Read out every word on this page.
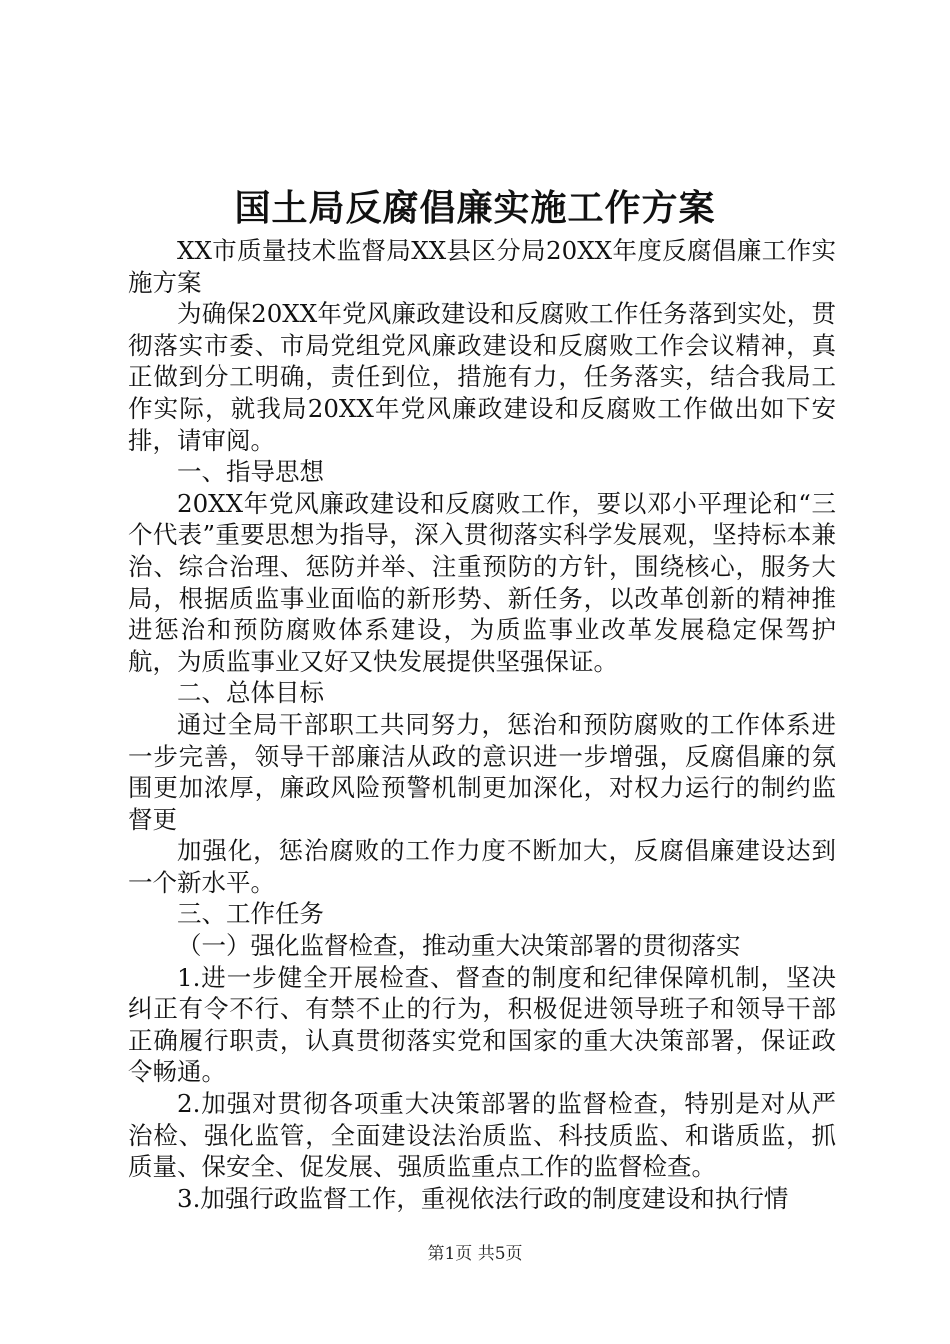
国土局反腐倡廉实施工作方案

XX市质量技术监督局XX县区分局20XX年度反腐倡廉工作实施方案

为确保20XX年党风廉政建设和反腐败工作任务落到实处，贯彻落实市委、市局党组党风廉政建设和反腐败工作会议精神，真正做到分工明确，责任到位，措施有力，任务落实，结合我局工作实际，就我局20XX年党风廉政建设和反腐败工作做出如下安排，请审阅。

一、指导思想

20XX年党风廉政建设和反腐败工作，要以邓小平理论和“三个代表”重要思想为指导，深入贯彻落实科学发展观，坚持标本兼治、综合治理、惩防并举、注重预防的方针，围绕核心，服务大局，根据质监事业面临的新形势、新任务，以改革创新的精神推进惩治和预防腐败体系建设，为质监事业改革发展稳定保驾护航，为质监事业又好又快发展提供坚强保证。

二、总体目标

通过全局干部职工共同努力，惩治和预防腐败的工作体系进一步完善，领导干部廉洁从政的意识进一步增强，反腐倡廉的氛围更加浓厚，廉政风险预警机制更加深化，对权力运行的制约监督更

加强化，惩治腐败的工作力度不断加大，反腐倡廉建设达到一个新水平。

三、工作任务

（一）强化监督检查，推动重大决策部署的贯彻落实

1.进一步健全开展检查、督查的制度和纪律保障机制，坚决纠正有令不行、有禁不止的行为，积极促进领导班子和领导干部正确履行职责，认真贯彻落实党和国家的重大决策部署，保证政令畅通。

2.加强对贯彻各项重大决策部署的监督检查，特别是对从严治检、强化监管，全面建设法治质监、科技质监、和谐质监，抓质量、保安全、促发展、强质监重点工作的监督检查。

3.加强行政监督工作，重视依法行政的制度建设和执行情

第1页 共5页
